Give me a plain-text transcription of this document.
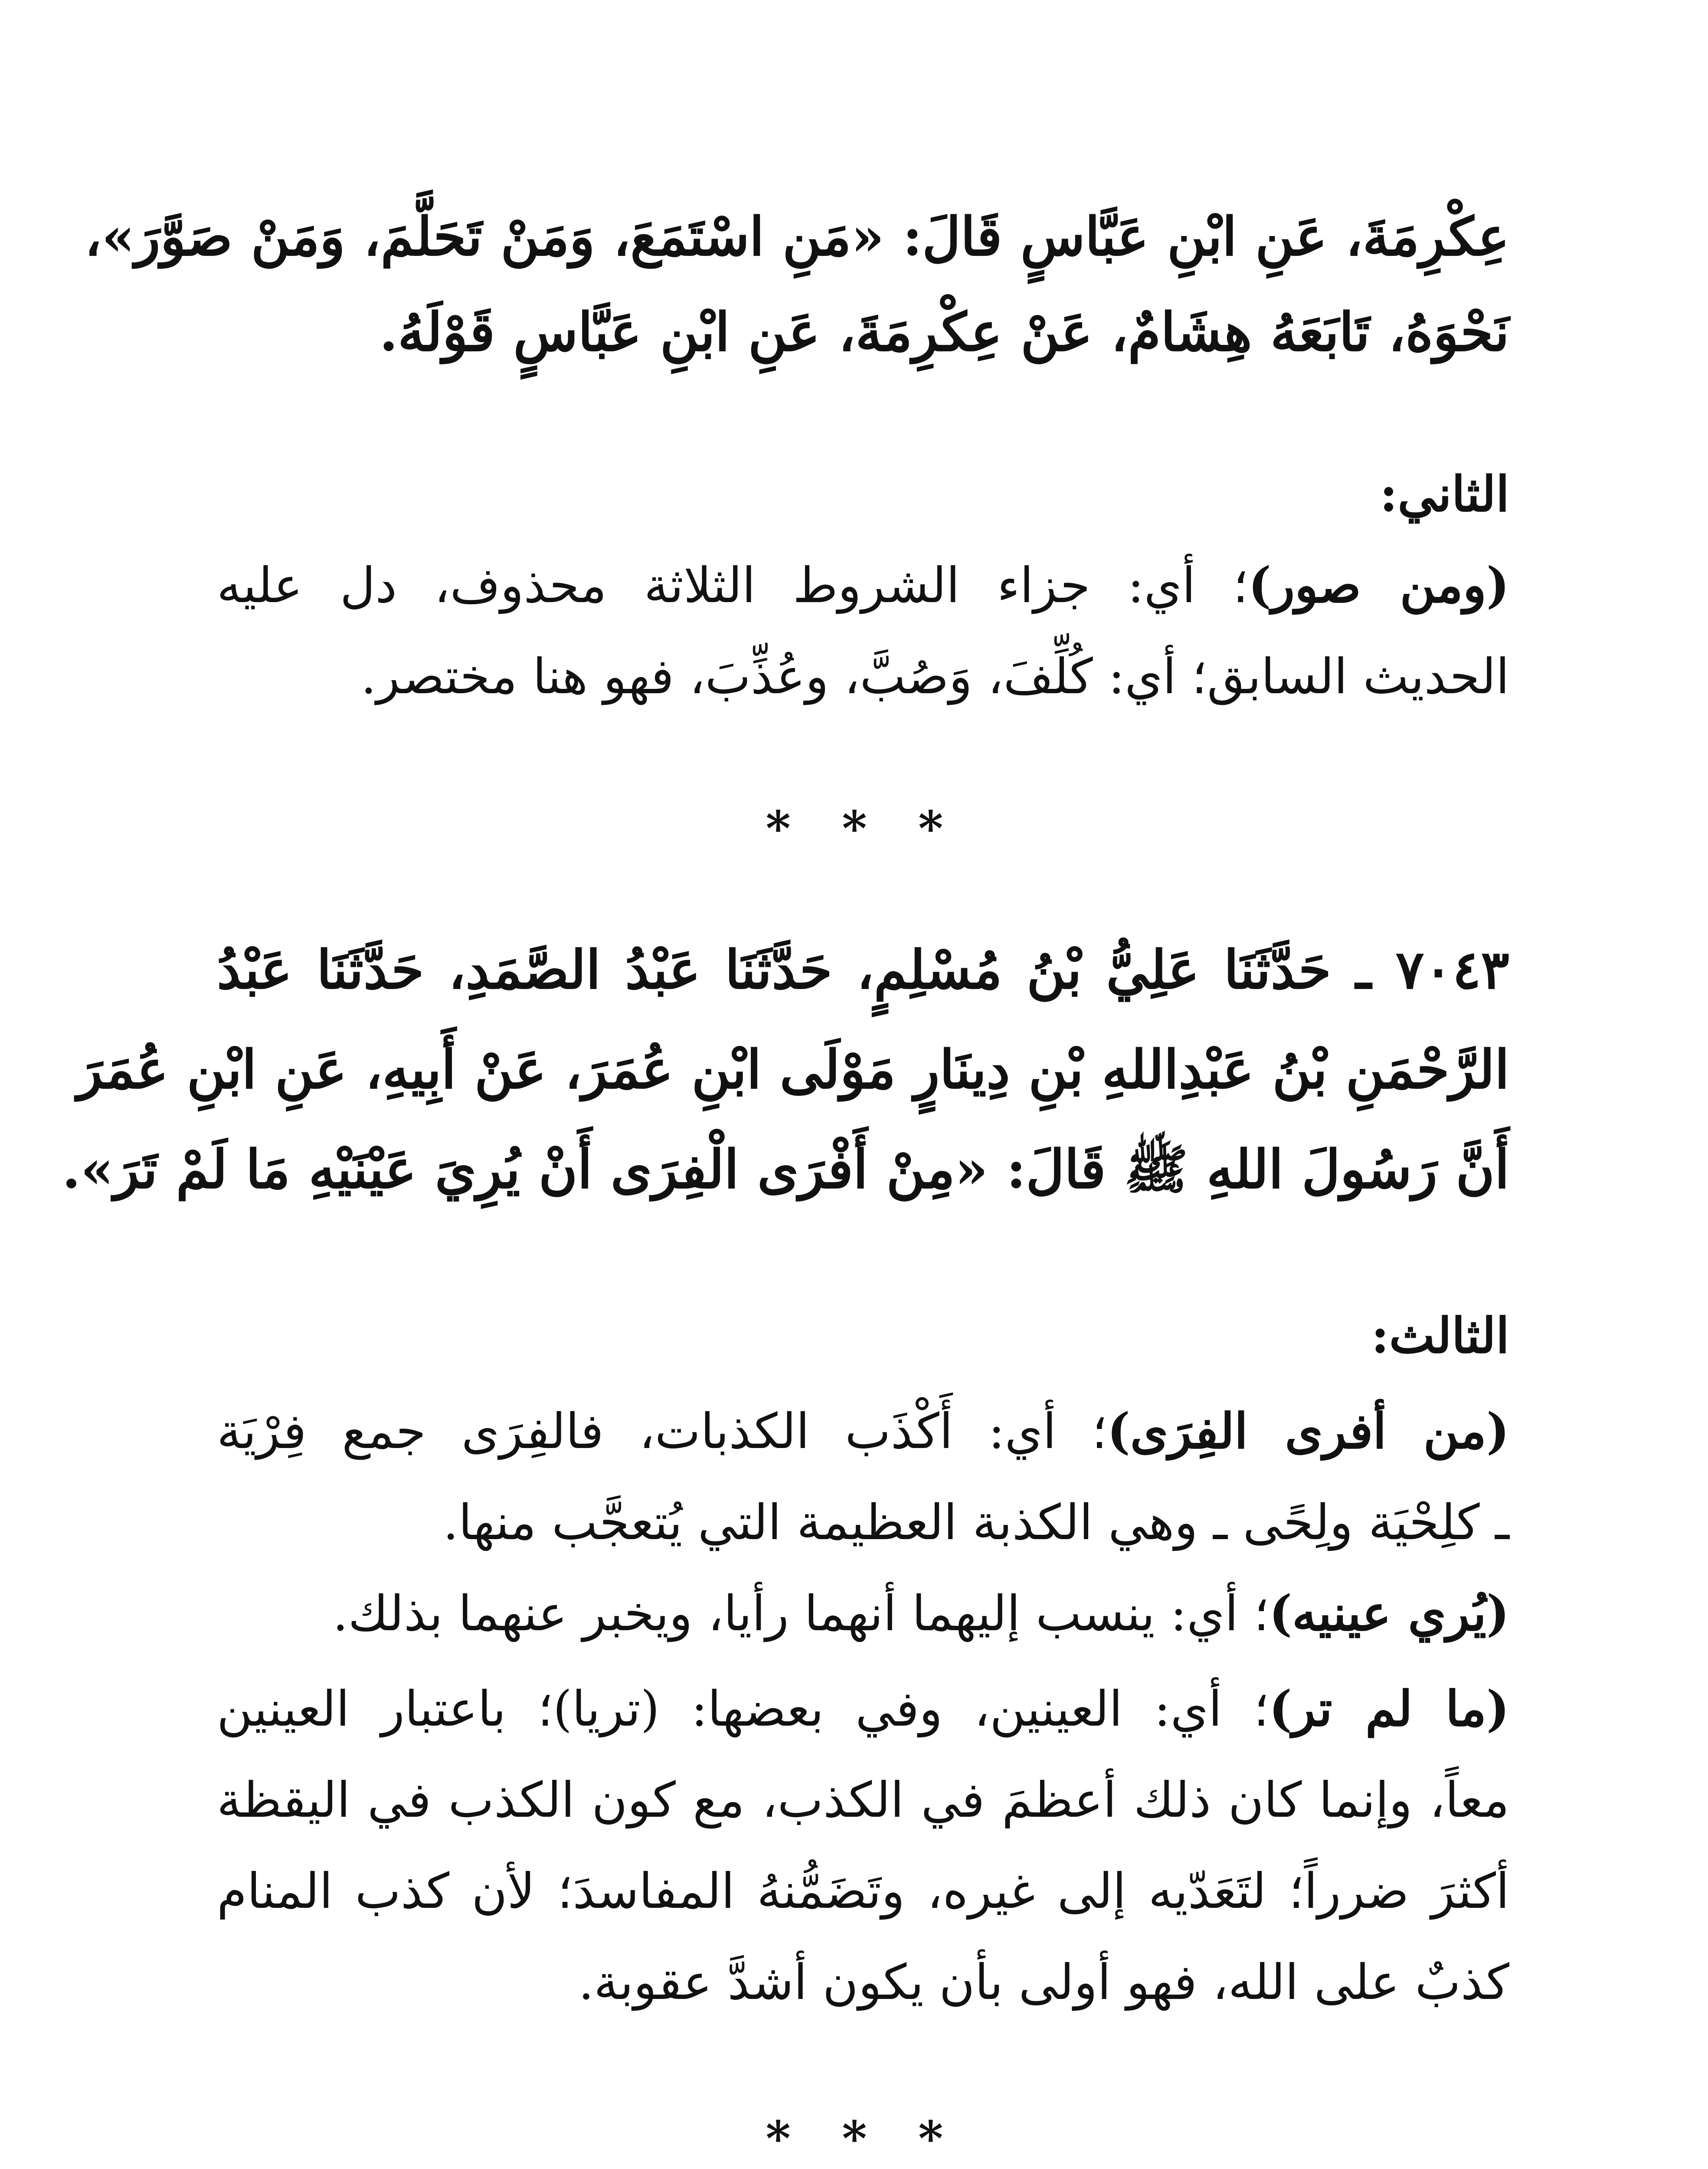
عِكْرِمَةَ، عَنِ ابْنِ عَبَّاسٍ قَالَ: «مَنِ اسْتَمَعَ، وَمَنْ تَحَلَّمَ، وَمَنْ صَوَّرَ»،
نَحْوَهُ، تَابَعَهُ هِشَامٌ، عَنْ عِكْرِمَةَ، عَنِ ابْنِ عَبَّاسٍ قَوْلَهُ.
الثاني:
(ومن صور)؛ أي: جزاء الشروط الثلاثة محذوف، دل عليه
الحديث السابق؛ أي: كُلِّفَ، وَصُبَّ، وعُذِّبَ، فهو هنا مختصر.
* * *
٧٠٤٣ ـ حَدَّثَنَا عَلِيُّ بْنُ مُسْلِمٍ، حَدَّثَنَا عَبْدُ الصَّمَدِ، حَدَّثَنَا عَبْدُ
الرَّحْمَنِ بْنُ عَبْدِاللهِ بْنِ دِينَارٍ مَوْلَى ابْنِ عُمَرَ، عَنْ أَبِيهِ، عَنِ ابْنِ عُمَرَ
أَنَّ رَسُولَ اللهِ ﷺ قَالَ: «مِنْ أَفْرَى الْفِرَى أَنْ يُرِيَ عَيْنَيْهِ مَا لَمْ تَرَ».
الثالث:
(من أفرى الفِرَى)؛ أي: أَكْذَب الكذبات، فالفِرَى جمع فِرْيَة
ـ كلِحْيَة ولِحًى ـ وهي الكذبة العظيمة التي يُتعجَّب منها.
(يُري عينيه)؛ أي: ينسب إليهما أنهما رأيا، ويخبر عنهما بذلك.
(ما لم تر)؛ أي: العينين، وفي بعضها: (تريا)؛ باعتبار العينين
معاً، وإنما كان ذلك أعظمَ في الكذب، مع كون الكذب في اليقظة
أكثرَ ضرراً؛ لتَعَدّيه إلى غيره، وتَضَمُّنهُ المفاسدَ؛ لأن كذب المنام
كذبٌ على الله، فهو أولى بأن يكون أشدَّ عقوبة.
* * *
